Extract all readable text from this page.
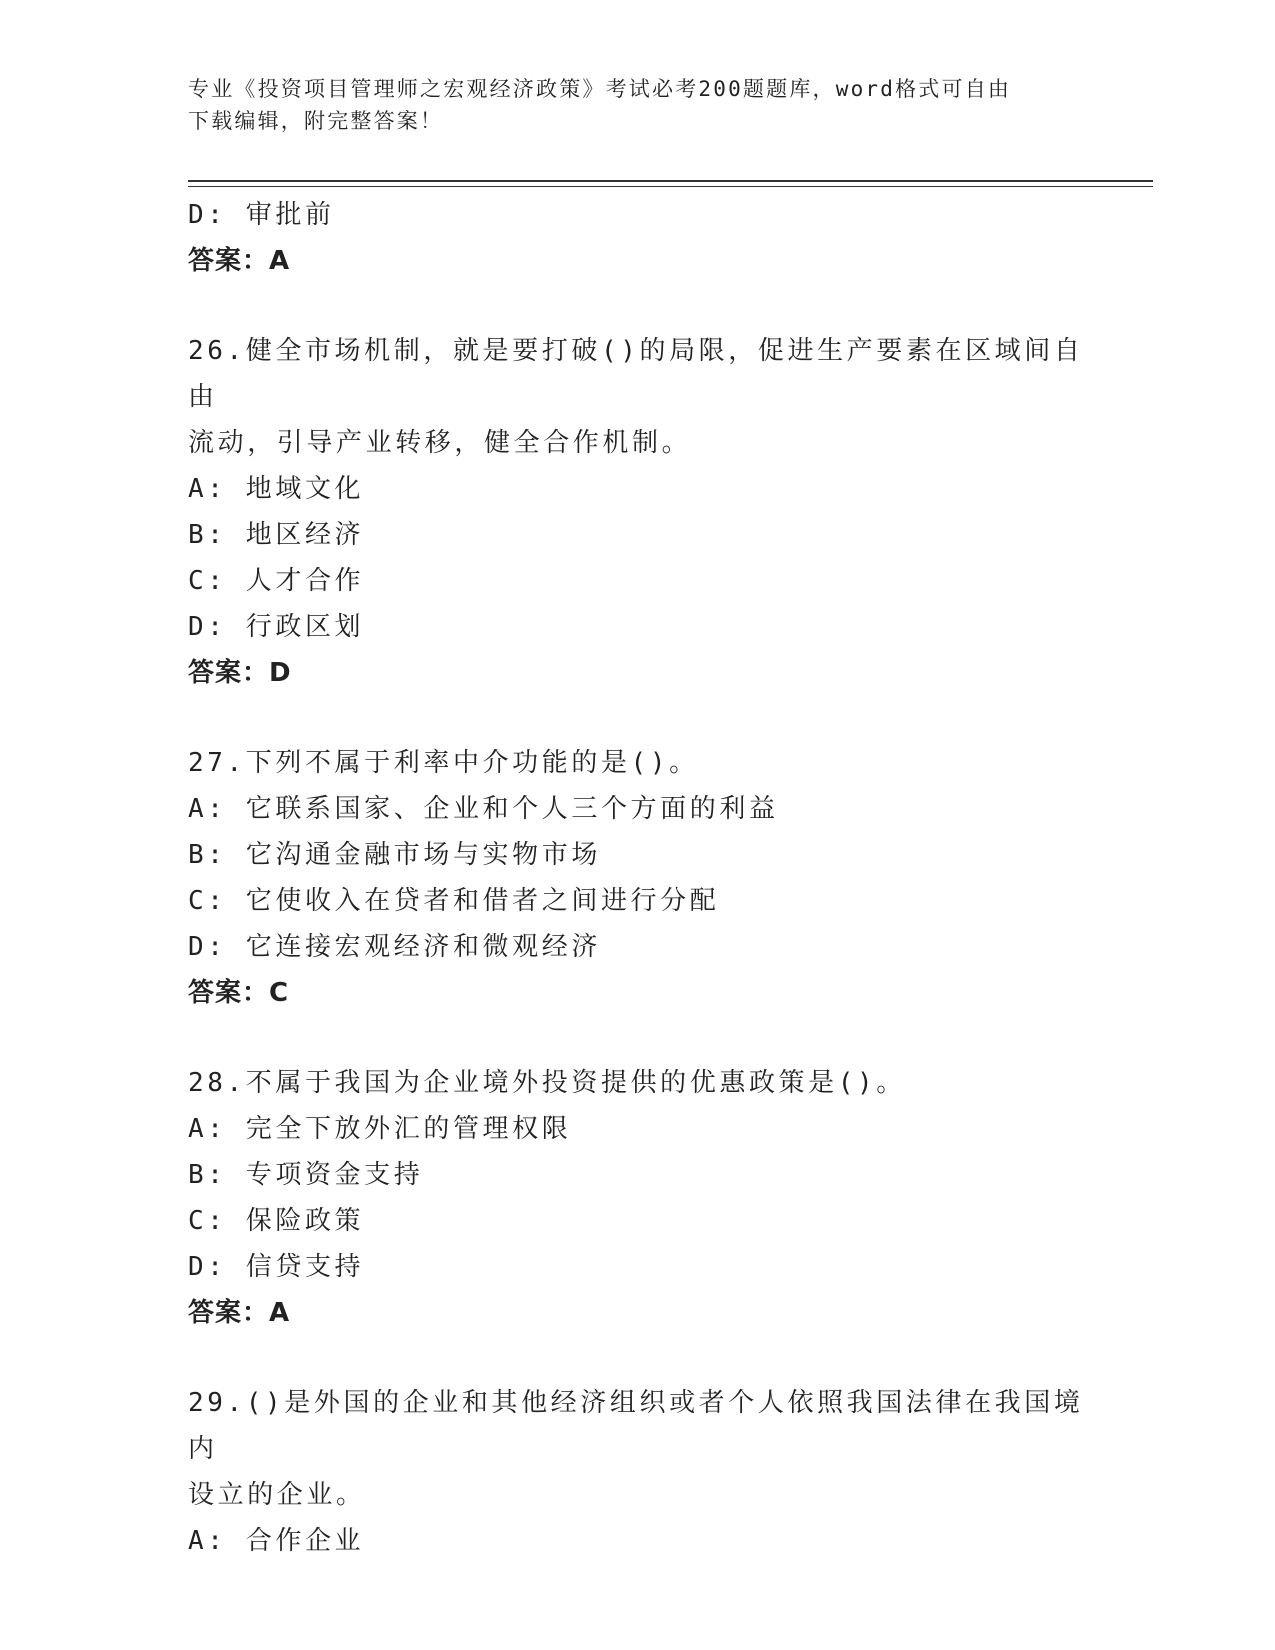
专业《投资项目管理师之宏观经济政策》考试必考200题题库，word格式可自由
下载编辑，附完整答案！
D: 审批前
答案：A
26.健全市场机制，就是要打破()的局限，促进生产要素在区域间自由
流动，引导产业转移，健全合作机制。
A: 地域文化
B: 地区经济
C: 人才合作
D: 行政区划
答案：D
27.下列不属于利率中介功能的是()。
A: 它联系国家、企业和个人三个方面的利益
B: 它沟通金融市场与实物市场
C: 它使收入在贷者和借者之间进行分配
D: 它连接宏观经济和微观经济
答案：C
28.不属于我国为企业境外投资提供的优惠政策是()。
A: 完全下放外汇的管理权限
B: 专项资金支持
C: 保险政策
D: 信贷支持
答案：A
29.()是外国的企业和其他经济组织或者个人依照我国法律在我国境内
设立的企业。
A: 合作企业
